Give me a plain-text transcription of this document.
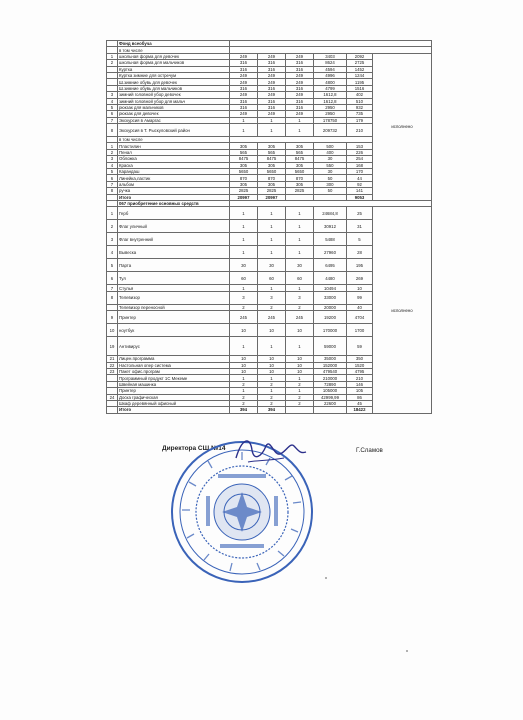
	Фонд всеобуча							
	в том числе							
1	школьная форма для девочек	249	249	249	3403	2092	исполнено	
2	школьная форма для мальчиков	316	316	316	8624	2725		
	Куртка	316	316	316	4594	1452		
	Куртка зимние для остречум	249	249	249	4996	1244		
	Ш.зимние обувь для девочек	249	249	249	4800	1195		
	Ш.зимние обувь для мальчиков	316	316	316	4799	1516		
3	зимний головной убор девочек	249	249	249	1612,8	402		
4	зимний головной убор для мальч	316	316	316	1612,8	510		
5	рюкзак для мальчиков	316	316	316	2950	932		
6	рюкзак для девочек	249	249	249	2950	735		
7	Экскурсия в Амаргас	1	1	1	178750	179		
8	Экскурсия в Т. Рыскуловский район	1	1	1	209732	210		
	в том числе							
1	Пластилин	305	305	305	500	153		
2	Пенал	565	565	565	400	226		
3	Обложка	8475	8475	8475	30	254		
4	Краска	305	305	305	550	168		
5	Карандаш	5650	5650	5650	30	170		
6	Линейка,ластик	870	870	870	50	44		
7	альбом	305	305	305	300	92		
8	ручка	2825	2825	2825	50	141		
	Итого	20997	20997			9053		
	067 приобретение основных средств							
1	Герб	1	1	1	24684,8	25	исполнено	
2	Флаг уличный	1	1	1	30912	31		
3	Флаг внутренний	1	1	1	5488	5		
4	Вывеска	1	1	1	27960	28		
5	Парта	30	30	30	6495	195		
6	Тул	60	60	60	4480	269		
7	Стулья	1	1	1	10494	10		
8	Телевизор	3	3	3	33000	99		
	Телевизор переносной	2	2	2	20000	40		
9	Принтер	245	245	245	19200	4704		
10	ноутбук	10	10	10	170000	1700		
19	Антивирус	1	1	1	59000	59		
21	Лицен.программа	10	10	10	35000	350		
22	Настольная опер система	10	10	10	152000	1520		
23	Пакет офис.програм	10	10	10	479540	4795		
	Программный продукт 1С Мекеме	1	1	1	210000	210		
	Швейная машинка	2	2	2	72890	146		
	Принтер	1	1	1	105000	105		
24	Доска графическая	2	2	2	42999,99	86		
	Шкаф деревянный офисный	2	2	2	22600	45		
	Итого	394	394			18422		
Директора СШ №14	Г.Сламов
